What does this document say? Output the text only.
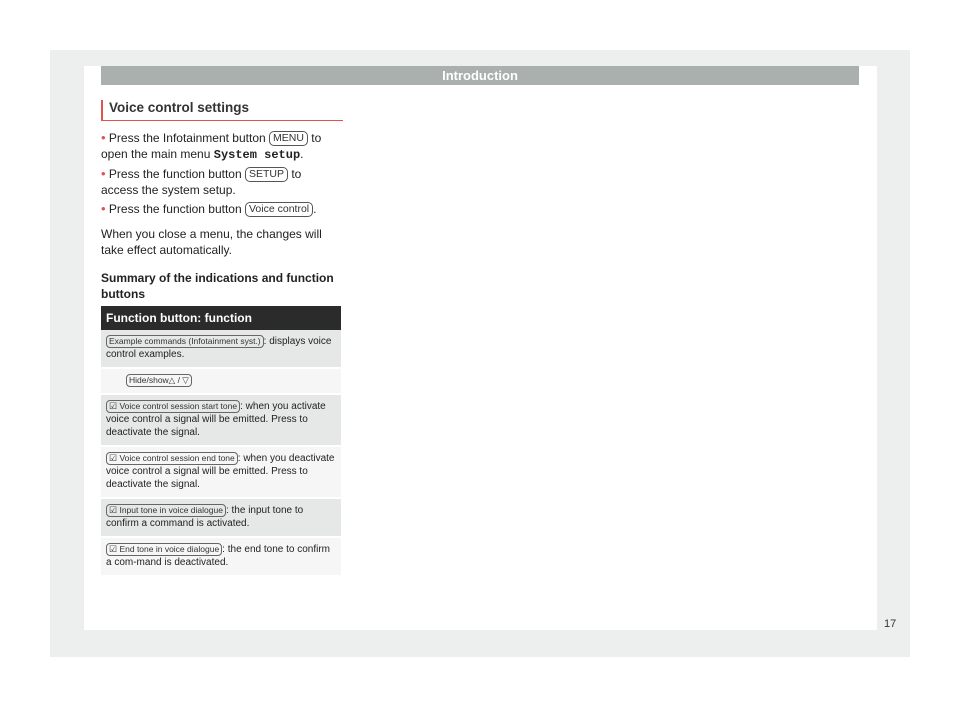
Introduction
Voice control settings
• Press the Infotainment button MENU to open the main menu System setup.
• Press the function button SETUP to access the system setup.
• Press the function button Voice control .
When you close a menu, the changes will take effect automatically.
Summary of the indications and function buttons
Function button: function
Example commands (Infotainment syst.) : displays voice control examples.
Hide/show△ / ▽
☑ Voice control session start tone : when you activate voice control a signal will be emitted. Press to deactivate the signal.
☑ Voice control session end tone : when you deactivate voice control a signal will be emitted. Press to deactivate the signal.
☑ Input tone in voice dialogue : the input tone to confirm a command is activated.
☑ End tone in voice dialogue : the end tone to confirm a com-mand is deactivated.
17
